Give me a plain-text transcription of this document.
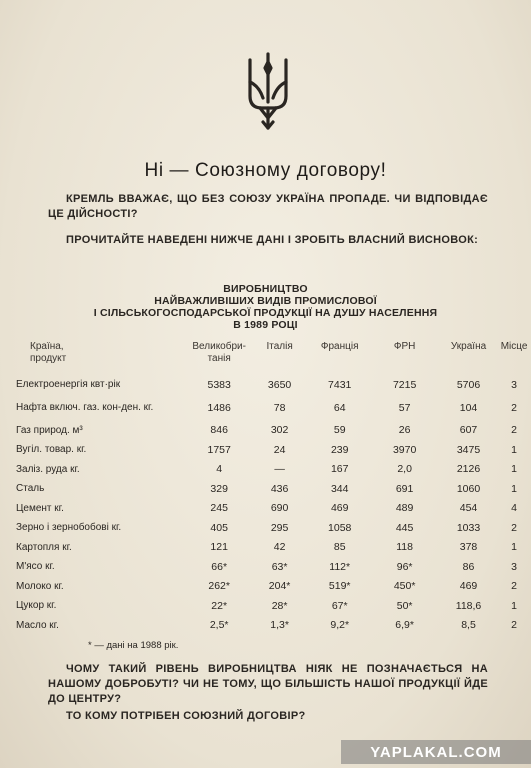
Ні — Союзному договору!
КРЕМЛЬ ВВАЖАЄ, ЩО БЕЗ СОЮЗУ УКРАЇНА ПРОПАДЕ. ЧИ ВІДПОВІДАЄ ЦЕ ДІЙСНОСТІ?
ПРОЧИТАЙТЕ НАВЕДЕНІ НИЖЧЕ ДАНІ І ЗРОБІТЬ ВЛАСНИЙ ВИСНОВОК:
ВИРОБНИЦТВО
НАЙВАЖЛИВІШИХ ВИДІВ ПРОМИСЛОВОЇ
І СІЛЬСЬКОГОСПОДАРСЬКОЇ ПРОДУКЦІЇ НА ДУШУ НАСЕЛЕННЯ
В 1989 РОЦІ
Країна, продукт	Великобри-танія	Італія	Франція	ФРН	Україна	Місце
Електроенергія квт·рік	5383	3650	7431	7215	5706	3
Нафта включ. газ. кон-ден. кг.	1486	78	64	57	104	2
Газ природ. м³	846	302	59	26	607	2
Вугіл. товар. кг.	1757	24	239	3970	3475	1
Заліз. руда кг.	4	—	167	2,0	2126	1
Сталь	329	436	344	691	1060	1
Цемент кг.	245	690	469	489	454	4
Зерно і зернобобові кг.	405	295	1058	445	1033	2
Картопля кг.	121	42	85	118	378	1
М'ясо кг.	66*	63*	112*	96*	86	3
Молоко кг.	262*	204*	519*	450*	469	2
Цукор кг.	22*	28*	67*	50*	118,6	1
Масло кг.	2,5*	1,3*	9,2*	6,9*	8,5	2
* — дані на 1988 рік.
ЧОМУ ТАКИЙ РІВЕНЬ ВИРОБНИЦТВА НІЯК НЕ ПОЗНАЧАЄТЬСЯ НА НАШОМУ ДОБРОБУТІ? ЧИ НЕ ТОМУ, ЩО БІЛЬШІСТЬ НАШОЇ ПРОДУКЦІЇ ЙДЕ ДО ЦЕНТРУ?
ТО КОМУ ПОТРІБЕН СОЮЗНИЙ ДОГОВІР?
YAPLAKAL.COM
